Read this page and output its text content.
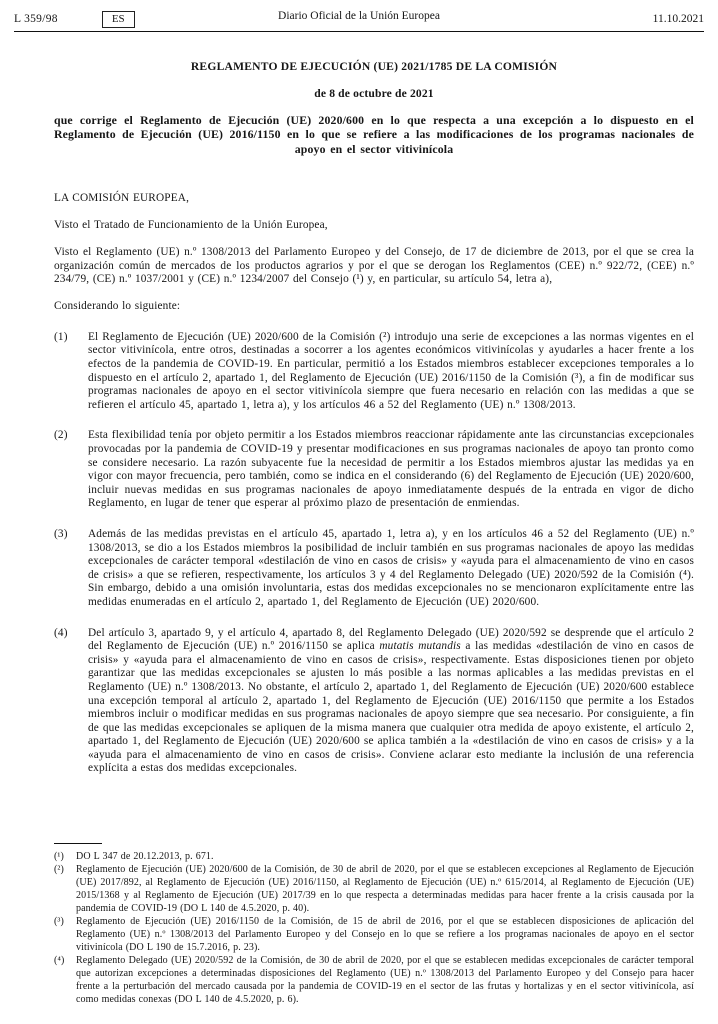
L 359/98	ES	Diario Oficial de la Unión Europea	11.10.2021
REGLAMENTO DE EJECUCIÓN (UE) 2021/1785 DE LA COMISIÓN
de 8 de octubre de 2021
que corrige el Reglamento de Ejecución (UE) 2020/600 en lo que respecta a una excepción a lo dispuesto en el Reglamento de Ejecución (UE) 2016/1150 en lo que se refiere a las modificaciones de los programas nacionales de apoyo en el sector vitivinícola

LA COMISIÓN EUROPEA,

Visto el Tratado de Funcionamiento de la Unión Europea,

Visto el Reglamento (UE) n.º 1308/2013 del Parlamento Europeo y del Consejo, de 17 de diciembre de 2013, por el que se crea la organización común de mercados de los productos agrarios y por el que se derogan los Reglamentos (CEE) n.º 922/72, (CEE) n.º 234/79, (CE) n.º 1037/2001 y (CE) n.º 1234/2007 del Consejo (¹) y, en particular, su artículo 54, letra a),

Considerando lo siguiente:

(1)	El Reglamento de Ejecución (UE) 2020/600 de la Comisión (²) introdujo una serie de excepciones a las normas vigentes en el sector vitivinícola, entre otros, destinadas a socorrer a los agentes económicos vitivinícolas y ayudarles a hacer frente a los efectos de la pandemia de COVID-19. En particular, permitió a los Estados miembros establecer excepciones temporales a lo dispuesto en el artículo 2, apartado 1, del Reglamento de Ejecución (UE) 2016/1150 de la Comisión (³), a fin de modificar sus programas nacionales de apoyo en el sector vitivinícola siempre que fuera necesario en relación con las medidas a que se refieren el artículo 45, apartado 1, letra a), y los artículos 46 a 52 del Reglamento (UE) n.º 1308/2013.
(2)	Esta flexibilidad tenía por objeto permitir a los Estados miembros reaccionar rápidamente ante las circunstancias excepcionales provocadas por la pandemia de COVID-19 y presentar modificaciones en sus programas nacionales de apoyo tan pronto como se considere necesario. La razón subyacente fue la necesidad de permitir a los Estados miembros ajustar las medidas ya en vigor con mayor frecuencia, pero también, como se indica en el considerando (6) del Reglamento de Ejecución (UE) 2020/600, incluir nuevas medidas en sus programas nacionales de apoyo inmediatamente después de la entrada en vigor de dicho Reglamento, en lugar de tener que esperar al próximo plazo de presentación de enmiendas.
(3)	Además de las medidas previstas en el artículo 45, apartado 1, letra a), y en los artículos 46 a 52 del Reglamento (UE) n.º 1308/2013, se dio a los Estados miembros la posibilidad de incluir también en sus programas nacionales de apoyo las medidas excepcionales de carácter temporal «destilación de vino en casos de crisis» y «ayuda para el almacenamiento de vino en casos de crisis» a que se refieren, respectivamente, los artículos 3 y 4 del Reglamento Delegado (UE) 2020/592 de la Comisión (⁴). Sin embargo, debido a una omisión involuntaria, estas dos medidas excepcionales no se mencionaron explícitamente entre las medidas enumeradas en el artículo 2, apartado 1, del Reglamento de Ejecución (UE) 2020/600.
(4)	Del artículo 3, apartado 9, y el artículo 4, apartado 8, del Reglamento Delegado (UE) 2020/592 se desprende que el artículo 2 del Reglamento de Ejecución (UE) n.º 2016/1150 se aplica mutatis mutandis a las medidas «destilación de vino en casos de crisis» y «ayuda para el almacenamiento de vino en casos de crisis», respectivamente. Estas disposiciones tienen por objeto garantizar que las medidas excepcionales se ajusten lo más posible a las normas aplicables a las medidas previstas en el Reglamento (UE) n.º 1308/2013. No obstante, el artículo 2, apartado 1, del Reglamento de Ejecución (UE) 2020/600 establece una excepción temporal al artículo 2, apartado 1, del Reglamento de Ejecución (UE) 2016/1150 que permite a los Estados miembros incluir o modificar medidas en sus programas nacionales de apoyo siempre que sea necesario. Por consiguiente, a fin de que las medidas excepcionales se apliquen de la misma manera que cualquier otra medida de apoyo existente, el artículo 2, apartado 1, del Reglamento de Ejecución (UE) 2020/600 se aplica también a la «destilación de vino en casos de crisis» y a la «ayuda para el almacenamiento de vino en casos de crisis». Conviene aclarar esto mediante la inclusión de una referencia explícita a estas dos medidas excepcionales.
(¹)	DO L 347 de 20.12.2013, p. 671.
(²)	Reglamento de Ejecución (UE) 2020/600 de la Comisión, de 30 de abril de 2020, por el que se establecen excepciones al Reglamento de Ejecución (UE) 2017/892, al Reglamento de Ejecución (UE) 2016/1150, al Reglamento de Ejecución (UE) n.º 615/2014, al Reglamento de Ejecución (UE) 2015/1368 y al Reglamento de Ejecución (UE) 2017/39 en lo que respecta a determinadas medidas para hacer frente a la crisis causada por la pandemia de COVID-19 (DO L 140 de 4.5.2020, p. 40).
(³)	Reglamento de Ejecución (UE) 2016/1150 de la Comisión, de 15 de abril de 2016, por el que se establecen disposiciones de aplicación del Reglamento (UE) n.º 1308/2013 del Parlamento Europeo y del Consejo en lo que se refiere a los programas nacionales de apoyo en el sector vitivinícola (DO L 190 de 15.7.2016, p. 23).
(⁴)	Reglamento Delegado (UE) 2020/592 de la Comisión, de 30 de abril de 2020, por el que se establecen medidas excepcionales de carácter temporal que autorizan excepciones a determinadas disposiciones del Reglamento (UE) n.º 1308/2013 del Parlamento Europeo y del Consejo para hacer frente a la perturbación del mercado causada por la pandemia de COVID-19 en el sector de las frutas y hortalizas y en el sector vitivinícola, así como medidas conexas (DO L 140 de 4.5.2020, p. 6).
